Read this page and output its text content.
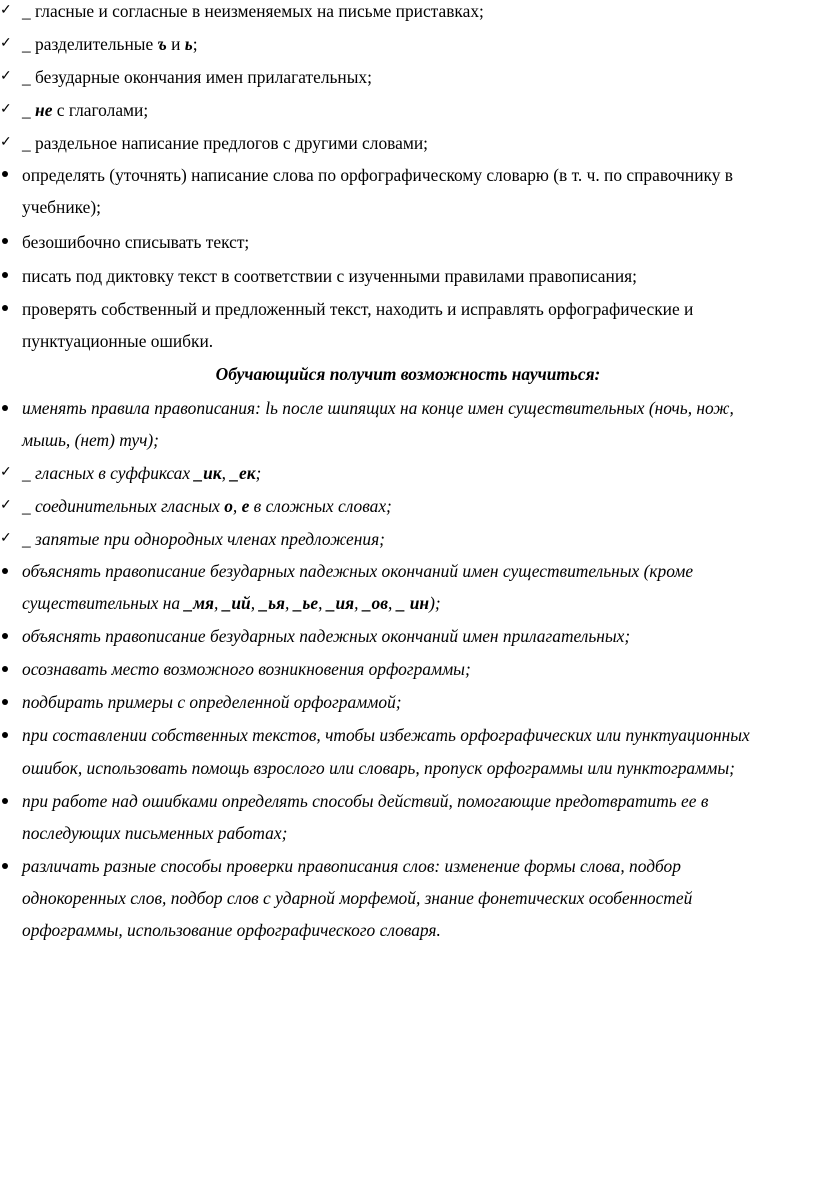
✓ _ гласные и согласные в неизменяемых на письме приставках;
✓ _ разделительные ъ и ь;
✓ _ безударные окончания имен прилагательных;
✓ _ не с глаголами;
✓ _ раздельное написание предлогов с другими словами;
определять (уточнять) написание слова по орфографическому словарю (в т. ч. по справочнику в
учебнике);
безошибочно списывать текст;
писать под диктовку текст в соответствии с изученными правилами правописания;
проверять собственный и предложенный текст, находить и исправлять орфографические и
пунктуационные ошибки.
Обучающийся получит возможность научиться:
именять правила правописания: lь после шипящих на конце имен существительных (ночь, нож,
мышь, (нет) туч);
✓ _ гласных в суффиксах _ик, _ек;
✓ _ соединительных гласных о, е в сложных словах;
✓ _ запятые при однородных членах предложения;
объяснять правописание безударных падежных окончаний имен существительных (кроме
существительных на _мя, _ий, _ья, _ье, _ия, _ов, _ ин);
объяснять правописание безударных падежных окончаний имен прилагательных;
осознавать место возможного возникновения орфограммы;
подбирать примеры с определенной орфограммой;
при составлении собственных текстов, чтобы избежать орфографических или пунктуационных
ошибок, использовать помощь взрослого или словарь, пропуск орфограммы или пунктограммы;
при работе над ошибками определять способы действий, помогающие предотвратить ее в
последующих письменных работах;
различать разные способы проверки правописания слов: изменение формы слова, подбор
однокоренных слов, подбор слов с ударной морфемой, знание фонетических особенностей
орфограммы, использование орфографического словаря.
